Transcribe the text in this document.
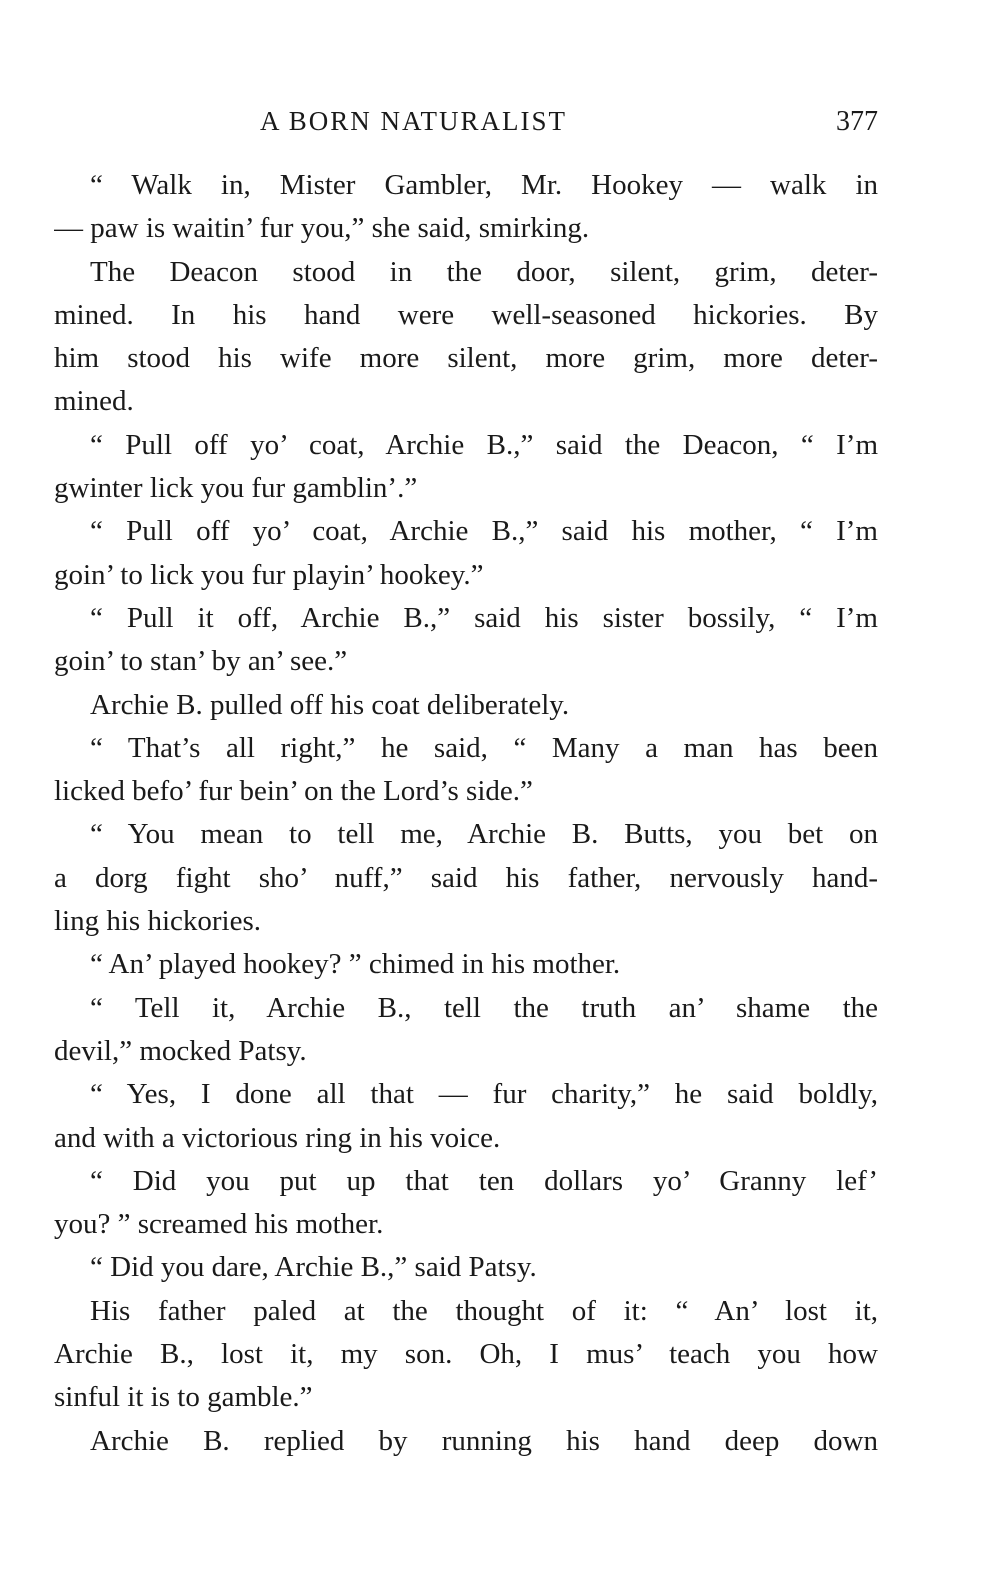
A BORN NATURALIST	377
“ Walk in, Mister Gambler, Mr. Hookey — walk in
— paw is waitin’ fur you,” she said, smirking.
The Deacon stood in the door, silent, grim, deter-
mined. In his hand were well-seasoned hickories. By
him stood his wife more silent, more grim, more deter-
mined.
“ Pull off yo’ coat, Archie B.,” said the Deacon, “ I’m
gwinter lick you fur gamblin’.”
“ Pull off yo’ coat, Archie B.,” said his mother, “ I’m
goin’ to lick you fur playin’ hookey.”
“ Pull it off, Archie B.,” said his sister bossily, “ I’m
goin’ to stan’ by an’ see.”
Archie B. pulled off his coat deliberately.
“ That’s all right,” he said, “ Many a man has been
licked befo’ fur bein’ on the Lord’s side.”
“ You mean to tell me, Archie B. Butts, you bet on
a dorg fight sho’ nuff,” said his father, nervously hand-
ling his hickories.
“ An’ played hookey? ” chimed in his mother.
“ Tell it, Archie B., tell the truth an’ shame the
devil,” mocked Patsy.
“ Yes, I done all that — fur charity,” he said boldly,
and with a victorious ring in his voice.
“ Did you put up that ten dollars yo’ Granny lef’
you? ” screamed his mother.
“ Did you dare, Archie B.,” said Patsy.
His father paled at the thought of it: “ An’ lost it,
Archie B., lost it, my son. Oh, I mus’ teach you how
sinful it is to gamble.”
Archie B. replied by running his hand deep down
